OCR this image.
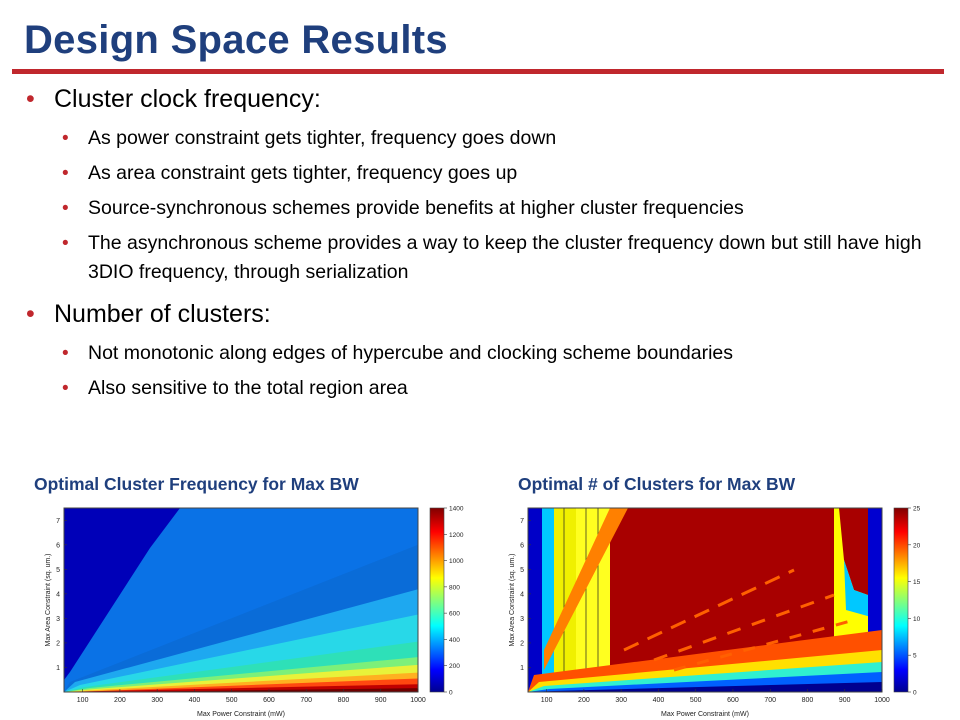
Design Space Results
• Cluster clock frequency:
• As power constraint gets tighter, frequency goes down
• As area constraint gets tighter, frequency goes up
• Source-synchronous schemes provide benefits at higher cluster frequencies
• The asynchronous scheme provides a way to keep the cluster frequency down but still have high 3DIO frequency, through serialization
• Number of clusters:
• Not monotonic along edges of hypercube and clocking scheme boundaries
• Also sensitive to the total region area
Optimal Cluster Frequency for Max BW	Optimal # of Clusters for Max BW
100	200	300	400	500	600	700	800	900	1000
1
2
3
4
5
6
7
Max Power Constraint (mW)
Max Area Constraint (sq. um.)
0
200
400
600
800
1000
1200
1400
100	200	300	400	500	600	700	800	900	1000
1
2
3
4
5
6
7
Max Power Constraint (mW)
Max Area Constraint (sq. um.)
0
5
10
15
20
25
